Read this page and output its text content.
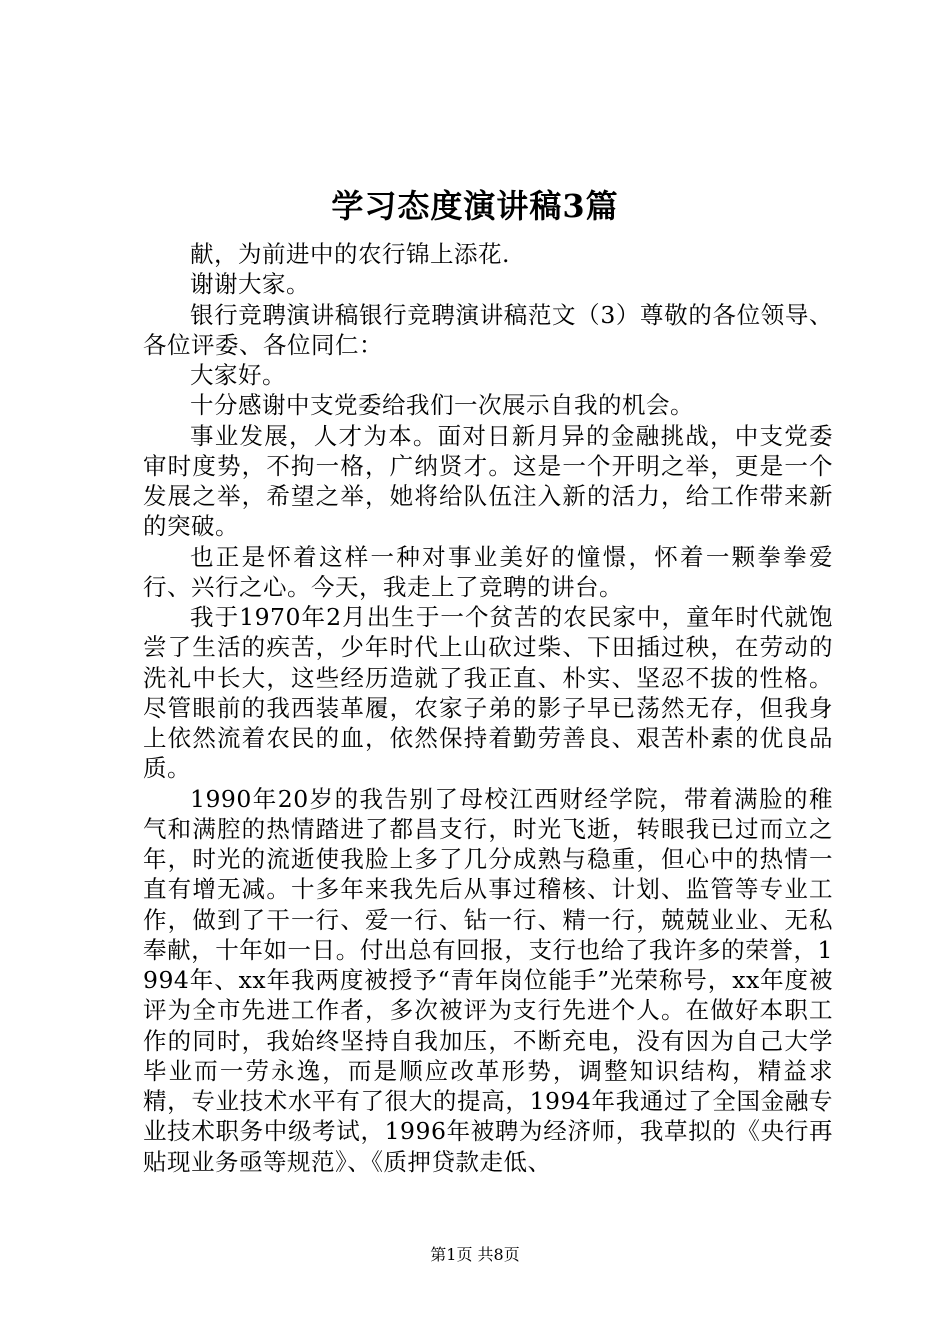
学习态度演讲稿3篇

献，为前进中的农行锦上添花.

谢谢大家。

银行竞聘演讲稿银行竞聘演讲稿范文（3）尊敬的各位领导、各位评委、各位同仁：

大家好。

十分感谢中支党委给我们一次展示自我的机会。

事业发展，人才为本。面对日新月异的金融挑战，中支党委审时度势，不拘一格，广纳贤才。这是一个开明之举，更是一个发展之举，希望之举，她将给队伍注入新的活力，给工作带来新的突破。

也正是怀着这样一种对事业美好的憧憬，怀着一颗拳拳爱行、兴行之心。今天，我走上了竞聘的讲台。

我于1970年2月出生于一个贫苦的农民家中，童年时代就饱尝了生活的疾苦，少年时代上山砍过柴、下田插过秧，在劳动的洗礼中长大，这些经历造就了我正直、朴实、坚忍不拔的性格。尽管眼前的我西装革履，农家子弟的影子早已荡然无存，但我身上依然流着农民的血，依然保持着勤劳善良、艰苦朴素的优良品质。

1990年20岁的我告别了母校江西财经学院，带着满脸的稚气和满腔的热情踏进了都昌支行，时光飞逝，转眼我已过而立之年，时光的流逝使我脸上多了几分成熟与稳重，但心中的热情一直有增无减。十多年来我先后从事过稽核、计划、监管等专业工作，做到了干一行、爱一行、钻一行、精一行，兢兢业业、无私奉献，十年如一日。付出总有回报，支行也给了我许多的荣誉，1994年、xx年我两度被授予“青年岗位能手”光荣称号，xx年度被评为全市先进工作者，多次被评为支行先进个人。在做好本职工作的同时，我始终坚持自我加压，不断充电，没有因为自己大学毕业而一劳永逸，而是顺应改革形势，调整知识结构，精益求精，专业技术水平有了很大的提高，1994年我通过了全国金融专业技术职务中级考试，1996年被聘为经济师，我草拟的《央行再贴现业务亟等规范》、《质押贷款走低、

第1页 共8页
